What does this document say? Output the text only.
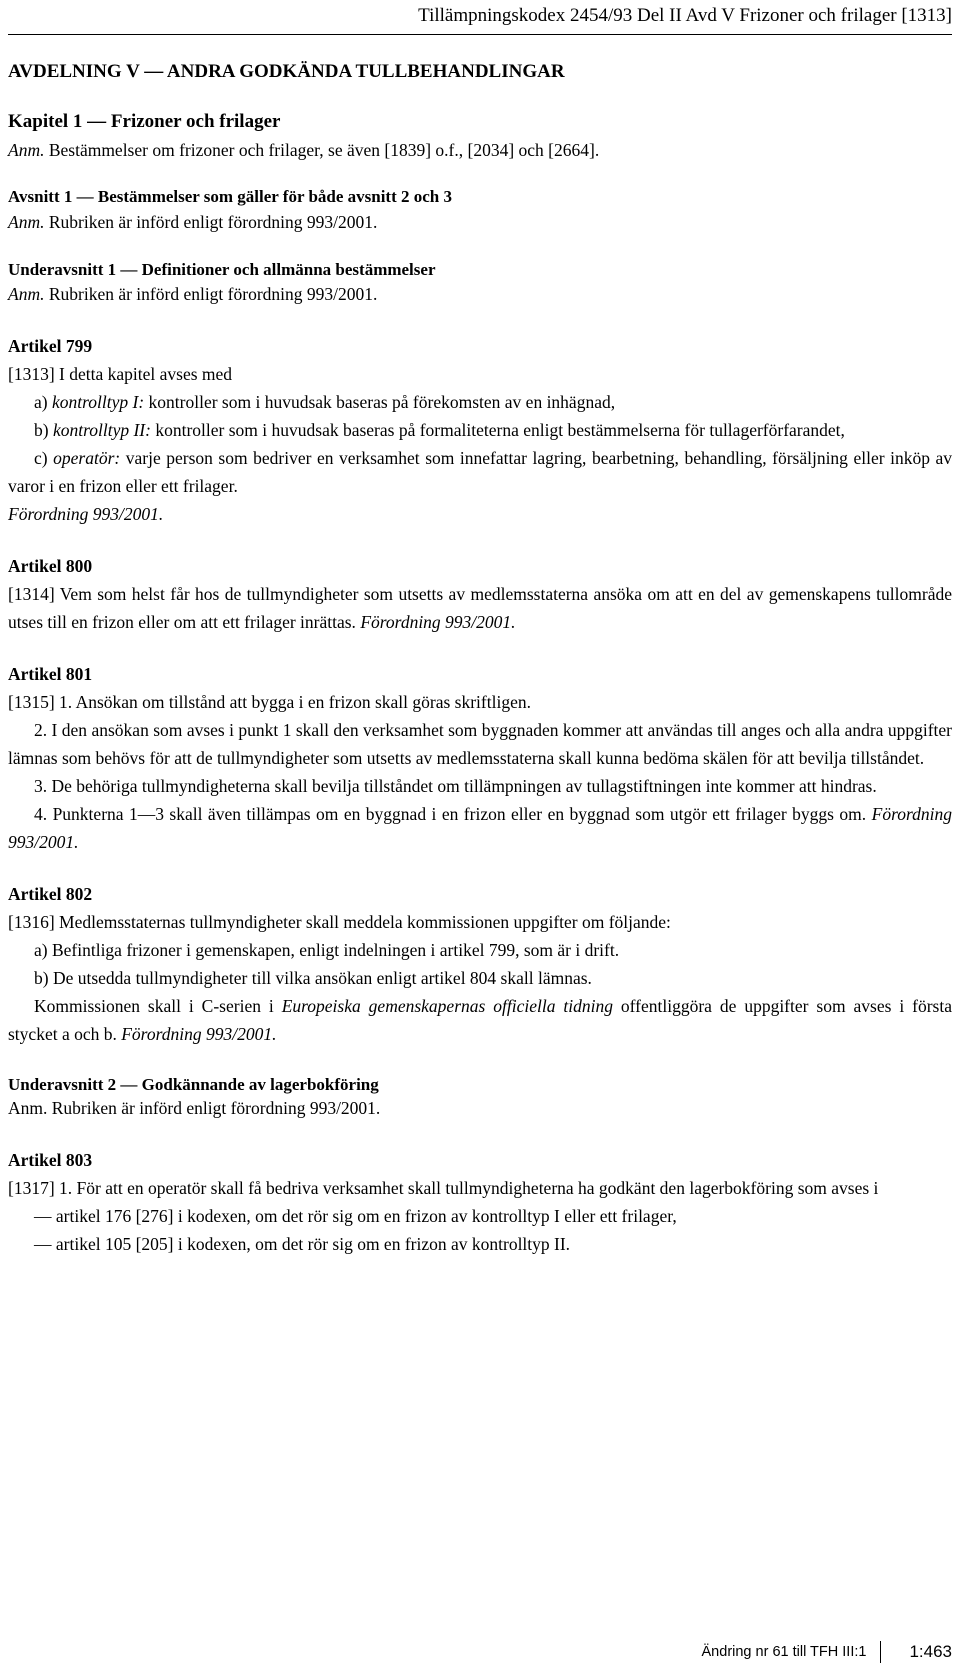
Tillämpningskodex 2454/93 Del II Avd V Frizoner och frilager [1313]

AVDELNING V — ANDRA GODKÄNDA TULLBEHANDLINGAR

Kapitel 1 — Frizoner och frilager

Anm. Bestämmelser om frizoner och frilager, se även [1839] o.f., [2034] och [2664].

Avsnitt 1 — Bestämmelser som gäller för både avsnitt 2 och 3

Anm. Rubriken är införd enligt förordning 993/2001.

Underavsnitt 1 — Definitioner och allmänna bestämmelser

Anm. Rubriken är införd enligt förordning 993/2001.

Artikel 799

[1313] I detta kapitel avses med

a) kontrolltyp I: kontroller som i huvudsak baseras på förekomsten av en inhägnad,

b) kontrolltyp II: kontroller som i huvudsak baseras på formaliteterna enligt bestämmelserna för tullagerförfarandet,

c) operatör: varje person som bedriver en verksamhet som innefattar lagring, bearbetning, behandling, försäljning eller inköp av varor i en frizon eller ett frilager.

Förordning 993/2001.

Artikel 800

[1314] Vem som helst får hos de tullmyndigheter som utsetts av medlemsstaterna ansöka om att en del av gemenskapens tullområde utses till en frizon eller om att ett frilager inrättas. Förordning 993/2001.

Artikel 801

[1315] 1. Ansökan om tillstånd att bygga i en frizon skall göras skriftligen.

2. I den ansökan som avses i punkt 1 skall den verksamhet som byggnaden kommer att användas till anges och alla andra uppgifter lämnas som behövs för att de tullmyndigheter som utsetts av medlemsstaterna skall kunna bedöma skälen för att bevilja tillståndet.

3. De behöriga tullmyndigheterna skall bevilja tillståndet om tillämpningen av tullagstiftningen inte kommer att hindras.

4. Punkterna 1—3 skall även tillämpas om en byggnad i en frizon eller en byggnad som utgör ett frilager byggs om. Förordning 993/2001.

Artikel 802

[1316] Medlemsstaternas tullmyndigheter skall meddela kommissionen uppgifter om följande:

a) Befintliga frizoner i gemenskapen, enligt indelningen i artikel 799, som är i drift.

b) De utsedda tullmyndigheter till vilka ansökan enligt artikel 804 skall lämnas.

Kommissionen skall i C-serien i Europeiska gemenskapernas officiella tidning offentliggöra de uppgifter som avses i första stycket a och b. Förordning 993/2001.

Underavsnitt 2 — Godkännande av lagerbokföring

Anm. Rubriken är införd enligt förordning 993/2001.

Artikel 803

[1317] 1. För att en operatör skall få bedriva verksamhet skall tullmyndigheterna ha godkänt den lagerbokföring som avses i

— artikel 176 [276] i kodexen, om det rör sig om en frizon av kontrolltyp I eller ett frilager,

— artikel 105 [205] i kodexen, om det rör sig om en frizon av kontrolltyp II.

Ändring nr 61 till TFH III:1	1:463
